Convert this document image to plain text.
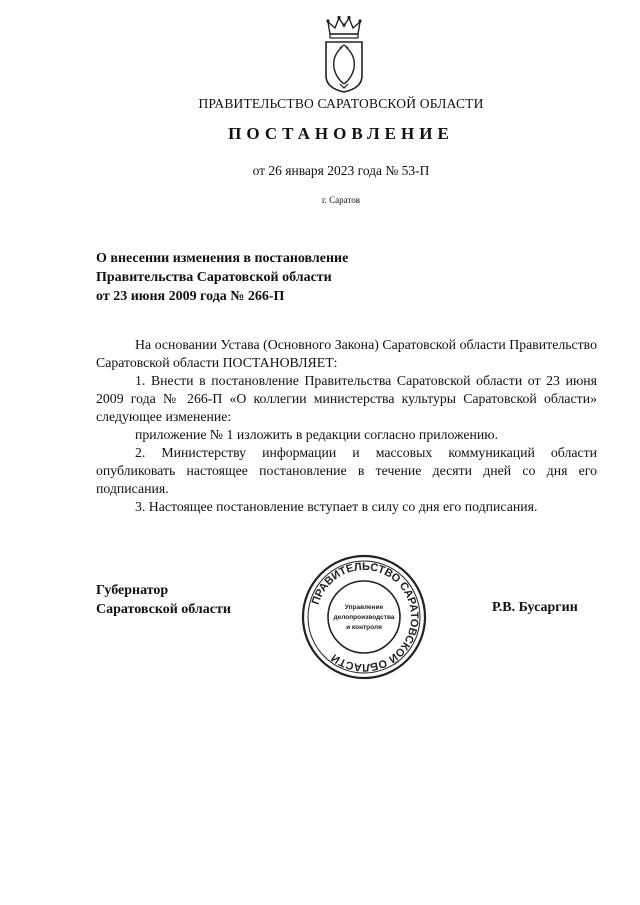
ПРАВИТЕЛЬСТВО САРАТОВСКОЙ ОБЛАСТИ
ПОСТАНОВЛЕНИЕ
от 26 января 2023 года № 53-П
г. Саратов
О внесении изменения в постановление
Правительства Саратовской области
от 23 июня 2009 года № 266-П

На основании Устава (Основного Закона) Саратовской области Правительство Саратовской области ПОСТАНОВЛЯЕТ:

1. Внести в постановление Правительства Саратовской области от 23 июня 2009 года № 266-П «О коллегии министерства культуры Саратовской области» следующее изменение:

приложение № 1 изложить в редакции согласно приложению.

2. Министерству информации и массовых коммуникаций области опубликовать настоящее постановление в течение десяти дней со дня его подписания.

3. Настоящее постановление вступает в силу со дня его подписания.

Губернатор
Саратовской области
ПРАВИТЕЛЬСТВО САРАТОВСКОЙ ОБЛАСТИ
Управление
делопроизводства
и контроля
Р.В. Бусаргин
